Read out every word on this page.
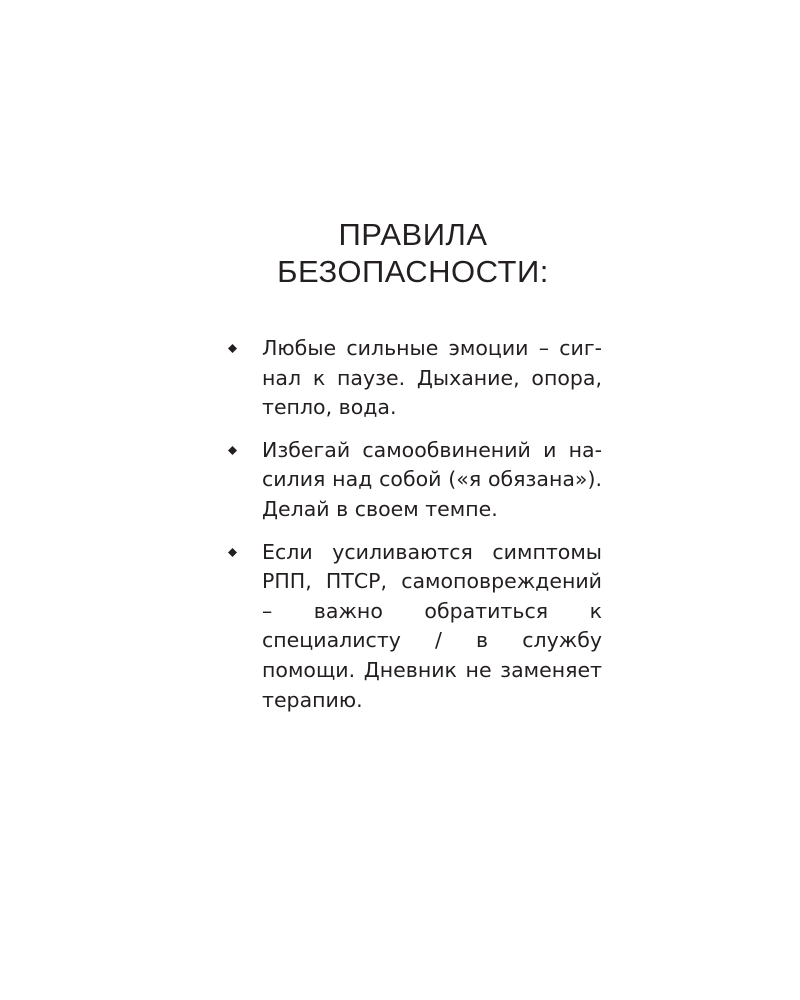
ПРАВИЛА
БЕЗОПАСНОСТИ:
Любые сильные эмоции – сигнал к паузе. Дыхание, опора, тепло, вода.
Избегай самообвинений и насилия над собой («я обязана»). Делай в своем темпе.
Если усиливаются симптомы РПП, ПТСР, самоповреждений – важно обратиться к специалисту / в службу помощи. Дневник не заменяет терапию.
